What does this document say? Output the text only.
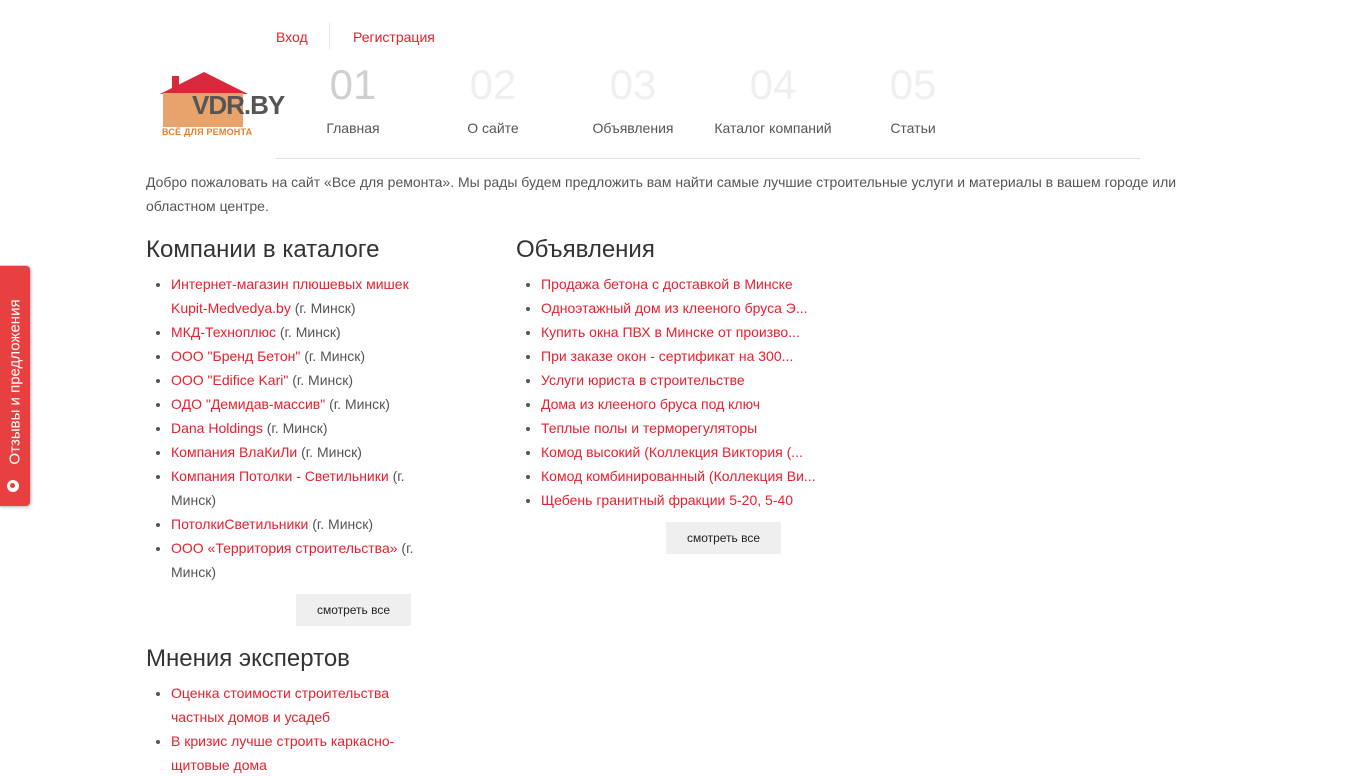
Вход	Регистрация
VDR.BY
ВСЁ ДЛЯ РЕМОНТА
01
Главная
02
О сайте
03
Объявления
04
Каталог компаний
05
Статьи

Добро пожаловать на сайт «Все для ремонта». Мы рады будем предложить вам найти самые лучшие строительные услуги и материалы в вашем городе или областном центре.

Компании в каталоге
• Интернет-магазин плюшевых мишек Kupit-Medvedya.by (г. Минск)
• МКД-Технoплюс (г. Минск)
• ООО "Бренд Бетон" (г. Минск)
• ООО "Edifice Kari" (г. Минск)
• ОДО "Демидав-массив" (г. Минск)
• Dana Holdings (г. Минск)
• Компания ВлаКиЛи (г. Минск)
• Компания Потолки - Светильники (г. Минск)
• ПотолкиСветильники (г. Минск)
• ООО «Территория строительства» (г. Минск)
смотреть все
Объявления
• Продажа бетона с доставкой в Минске
• Одноэтажный дом из клееного бруса Э...
• Купить окна ПВХ в Минске от произво...
• При заказе окон - сертификат на 300...
• Услуги юриста в строительстве
• Дома из клееного бруса под ключ
• Теплые полы и терморегуляторы
• Комод высокий (Коллекция Виктория (...
• Комод комбинированный (Коллекция Ви...
• Щебень гранитный фракции 5-20, 5-40
смотреть все
Мнения экспертов
• Оценка стоимости строительства частных домов и усадеб
• В кризис лучше строить каркасно-щитовые дома
Отзывы и предложения
